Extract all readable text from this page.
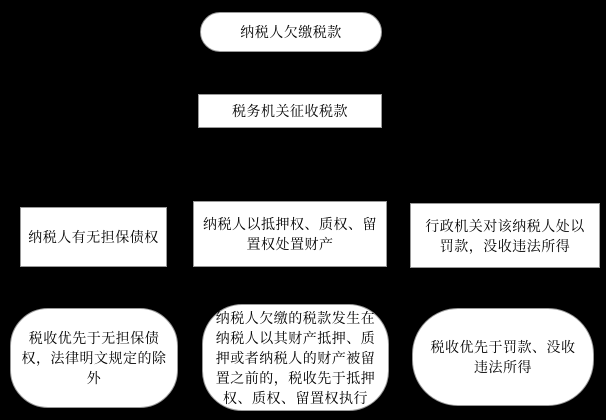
纳税人欠缴税款
税务机关征收税款
纳税人有无担保债权
纳税人以抵押权、质权、留置权处置财产
行政机关对该纳税人处以罚款，没收违法所得
税收优先于无担保债权，法律明文规定的除外
纳税人欠缴的税款发生在纳税人以其财产抵押、质押或者纳税人的财产被留置之前的，税收先于抵押权、质权、留置权执行
税收优先于罚款、没收违法所得
